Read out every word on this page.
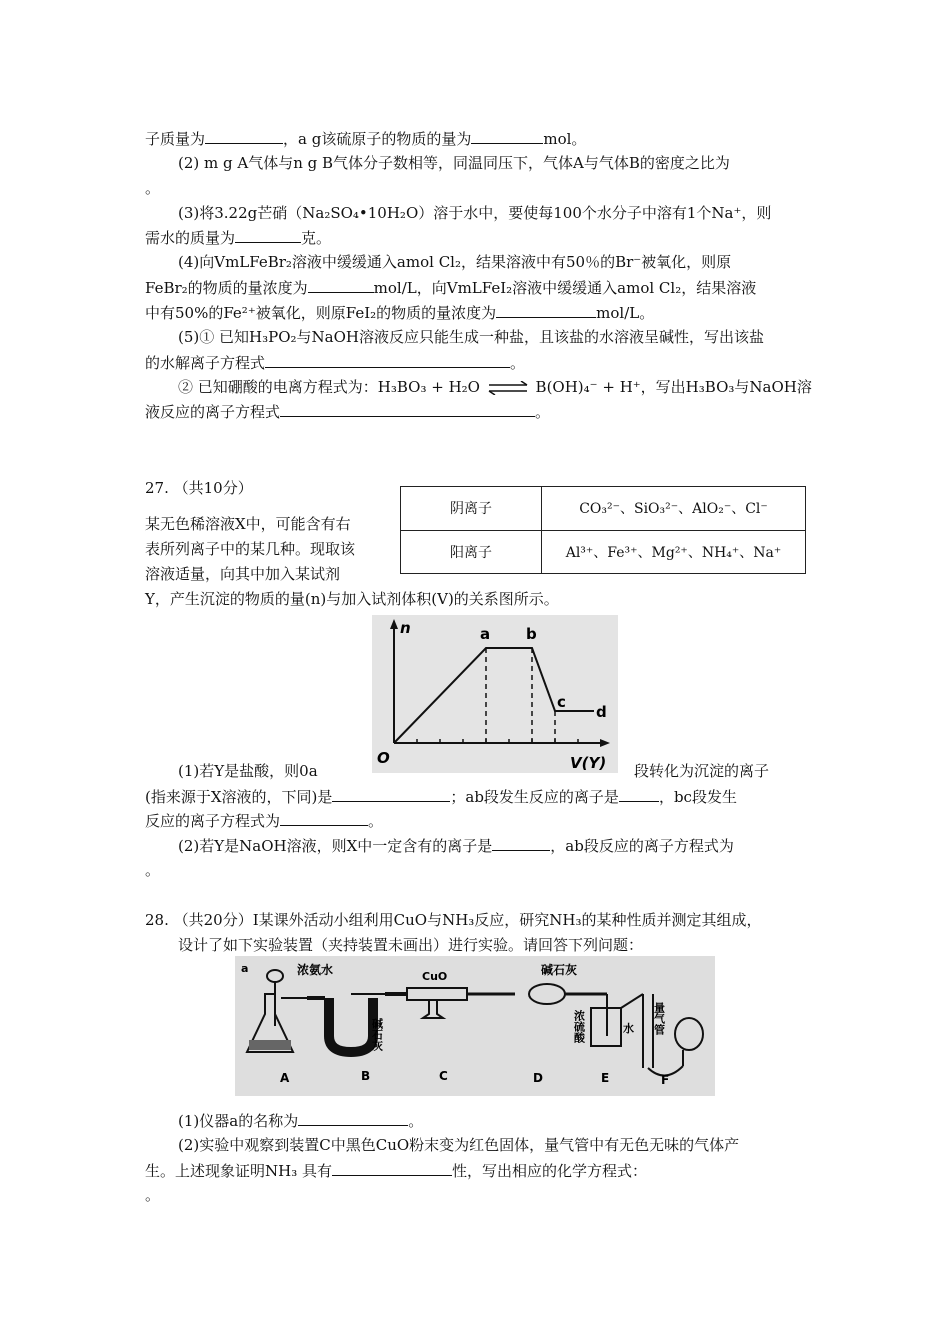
子质量为	，a g该硫原子的物质的量为	mol。
(2) m g A气体与n g B气体分子数相等，同温同压下，气体A与气体B的密度之比为
。
(3)将3.22g芒硝（Na₂SO₄•10H₂O）溶于水中，要使每100个水分子中溶有1个Na⁺，则
需水的质量为	克。
(4)向VmLFeBr₂溶液中缓缓通入amol Cl₂，结果溶液中有50％的Br⁻被氧化，则原
FeBr₂的物质的量浓度为	mol/L，向VmLFeI₂溶液中缓缓通入amol Cl₂，结果溶液
中有50%的Fe²⁺被氧化，则原FeI₂的物质的量浓度为	mol/L。
(5)① 已知H₃PO₂与NaOH溶液反应只能生成一种盐，且该盐的水溶液呈碱性，写出该盐
的水解离子方程式	。
② 已知硼酸的电离方程式为：H₃BO₃ + H₂O ⇌ B(OH)₄⁻ + H⁺，写出H₃BO₃与NaOH溶
液反应的离子方程式	。
27. （共10分）
阴离子	CO₃²⁻、SiO₃²⁻、AlO₂⁻、Cl⁻
阳离子	Al³⁺、Fe³⁺、Mg²⁺、NH₄⁺、Na⁺
某无色稀溶液X中，可能含有右
表所列离子中的某几种。现取该
溶液适量，向其中加入某试剂
Y，产生沉淀的物质的量(n)与加入试剂体积(V)的关系图所示。
n
O
a b
c
d
V(Y)
(1)若Y是盐酸，则0a	段转化为沉淀的离子
(指来源于X溶液的，下同)是	；ab段发生反应的离子是	，bc段发生
反应的离子方程式为	。
(2)若Y是NaOH溶液，则X中一定含有的离子是	，ab段反应的离子方程式为
。
28. （共20分）Ⅰ某课外活动小组利用CuO与NH₃反应，研究NH₃的某种性质并测定其组成，
设计了如下实验装置（夹持装置未画出）进行实验。请回答下列问题：
a	浓氨水	CuO	碱石灰
碱石灰	浓硫酸	水 量气管
A	B	C	D	E	F
(1)仪器a的名称为	。
(2)实验中观察到装置C中黑色CuO粉末变为红色固体，量气管中有无色无味的气体产
生。上述现象证明NH₃ 具有	性，写出相应的化学方程式：
。
